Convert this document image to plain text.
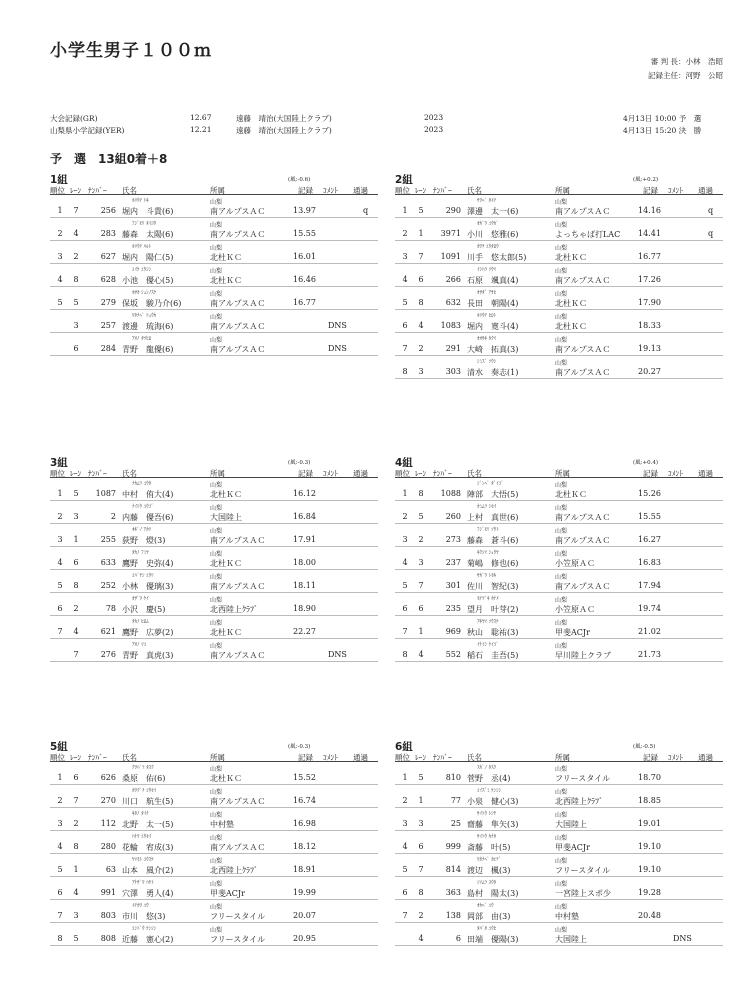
小学生男子１００ｍ
審 判 長：小林　浩昭
記録主任：河野　公昭
大会記録(GR)	12.67	遠藤　靖治(大国陸上クラブ)	2023	4月13日 10:00 予　選
山梨県小学記録(YER)	12.21	遠藤　靖治(大国陸上クラブ)	2023	4月13日 15:20 決　勝
予　選　13組0着＋8
1組	(風:-0.6)
順位 ﾚｰﾝ ﾅﾝﾊﾞｰ 氏名	所属	記録 ｺﾒﾝﾄ 通過
ﾎﾘｳﾁ ﾄｷ	山梨
1	7	256 堀内　斗貴(6)	南アルプスＡＣ	13.97	q
ﾌｼﾞﾓﾘ ﾀｲﾖｳ	山梨
2	4	283 藤森　太陽(6)	南アルプスＡＣ	15.55
ﾎﾘｳﾁ ﾊﾙﾄ	山梨
3	2	627 堀内　陽仁(5)	北杜ＫＣ	16.01
ｺｲｹ ﾕｳｼﾝ	山梨
4	8	628 小池　優心(5)	北杜ＫＣ	16.46
ﾎｻｶ ｼｭﾝﾉｽｹ	山梨
5	5	279 保坂　駿乃介(6)	南アルプスＡＣ	16.77
ﾜﾀﾅﾍﾞ ﾘｭｳｶ	山梨
3	257 渡邊　琉海(6)	南アルプスＡＣ	DNS
ｱｵﾉ ﾀﾂﾋﾛ	山梨
6	284 青野　龍優(6)	南アルプスＡＣ	DNS
2組	(風:+0.2)
順位 ﾚｰﾝ ﾅﾝﾊﾞｰ 氏名	所属	記録 ｺﾒﾝﾄ 通過
ｻﾜﾍﾞ ﾀｲﾁ	山梨
1	5	290 澤邊　太一(6)	南アルプスＡＣ	14.16	q
ｵｶﾞﾜ ﾕｳｶﾞ	山梨
2	1	3971 小川　悠雅(6)	よっちゃば打LAC 14.41	q
ｶﾜﾃ ﾕｳﾀﾛｳ	山梨
3	7	1091 川手　悠太郎(5)	北杜ＫＣ	16.77
ｲｼﾊﾗ ｿｳﾏ	山梨
4	6	266 石原　颯真(4)	南アルプスＡＣ	17.26
ｵｻﾀﾞ ｱｻﾋ	山梨
5	8	632 長田　朝陽(4)	北杜ＫＣ	17.90
ﾎﾘｳﾁ ﾋﾛﾄ	山梨
6	4	1083 堀内　寛斗(4)	北杜ＫＣ	18.33
ｵｵｻｷ ﾀｸﾏ	山梨
7	2	291 大崎　拓真(3)	南アルプスＡＣ	19.13
ｼﾐｽﾞ ｿｳｼ	山梨
8	3	303 清水　奏志(1)	南アルプスＡＣ	20.27
3組	(風:-0.3)
順位 ﾚｰﾝ ﾅﾝﾊﾞｰ 氏名	所属	記録 ｺﾒﾝﾄ 通過
ﾅｶﾑﾗ ﾕｳﾀ	山梨
1	5	1087 中村　侑大(4)	北杜ＫＣ	16.12
ﾅｲﾄｳ ﾕｳｺﾞ	山梨
2	3	2 内藤　優吾(6)	大国陸上	16.84
ｵｷﾞﾉ ｱｶﾘ	山梨
3	1	255 荻野　燈(3)	南アルプスＡＣ	17.91
ﾀｶﾉ ﾌﾐﾔ	山梨
4	6	633 鷹野　史弥(4)	北杜ＫＣ	18.00
ｺﾊﾞﾔｼ ﾕｳﾘ	山梨
5	8	252 小林　優璃(3)	南アルプスＡＣ	18.11
ｵｻﾞﾜ ｹｲ	山梨
6	2	78 小沢　慶(5)	北西陸上ｸﾗﾌﾞ	18.90
ﾀｶﾉ ﾋﾛﾑ	山梨
7	4	621 鷹野　広夢(2)	北杜ＫＣ	22.27
ｱｵﾉ ﾏｺ	山梨
7	276 青野　真虎(3)	南アルプスＡＣ	DNS
4組	(風:+0.4)
順位 ﾚｰﾝ ﾅﾝﾊﾞｰ 氏名	所属	記録 ｺﾒﾝﾄ 通過
ｼﾞﾝﾍﾞ ﾀﾞｲｺﾞ	山梨
1	8	1088 陣部　大悟(5)	北杜ＫＣ	15.26
ｶﾐﾑﾗ ｼｾｲ	山梨
2	5	260 上村　真世(6)	南アルプスＡＣ	15.55
ﾌｼﾞﾓﾘ ｿｳﾄ	山梨
3	2	273 藤森　蒼斗(6)	南アルプスＡＣ	16.27
ｷｸｼﾏ ｼｭｳﾔ	山梨
4	3	237 菊嶋　修也(6)	小笠原ＡＣ	16.83
ｻｶﾞﾜ ﾄﾓｷ	山梨
5	7	301 佐川　智紀(3)	南アルプスＡＣ	17.94
ﾓﾁﾂﾞｷ ｶﾅﾒ	山梨
6	6	235 望月　叶芽(2)	小笠原ＡＣ	19.74
ｱｷﾔﾏ ｿｳｽｹ	山梨
7	1	969 秋山　聡祐(3)	甲斐ACJr	21.02
ｲﾅｲｼ ｹｲｺﾞ	山梨
8	4	552 稲石　圭吾(5)	早川陸上クラブ	21.73
5組	(風:-0.3)
順位 ﾚｰﾝ ﾅﾝﾊﾞｰ 氏名	所属	記録 ｺﾒﾝﾄ 通過
ｸﾜﾊﾞﾗ ﾀｽｸ	山梨
1	6	626 桑原　佑(6)	北杜ＫＣ	15.52
ｶﾜｸﾞﾁ ｺｳｾｲ	山梨
2	7	270 川口　航生(5)	南アルプスＡＣ	16.74
ｷﾀﾉ ﾀｲﾁ	山梨
3	2	112 北野　太一(5)	中村塾	16.98
ﾊﾅﾜ ﾕｳｾｲ	山梨
4	8	280 花輪　宥成(3)	南アルプスＡＣ	18.12
ﾔﾏﾓﾄ ｺｳｽｹ	山梨
5	1	63 山本　風介(2)	北西陸上ｸﾗﾌﾞ	18.91
ｱﾅｻﾞﾜ ﾊﾔﾄ	山梨
6	4	991 穴澤　勇人(4)	甲斐ACJr	19.99
ｲﾁｶﾜ ﾕｳ	山梨
7	3	803 市川　悠(3)	フリースタイル	20.07
ｺﾝﾄﾞｳ ｹﾝｼﾝ	山梨
8	5	808 近藤　憲心(2)	フリースタイル	20.95
6組	(風:-0.5)
順位 ﾚｰﾝ ﾅﾝﾊﾞｰ 氏名	所属	記録 ｺﾒﾝﾄ 通過
ｽｶﾞﾉ ﾀｽｸ	山梨
1	5	810 菅野　丞(4)	フリースタイル	18.70
ｺｲｽﾞﾐ ｹﾝｼﾝ	山梨
2	1	77 小泉　健心(3)	北西陸上ｸﾗﾌﾞ	18.85
ｻｲﾄｳ ﾄｼﾔ	山梨
3	3	25 齋藤　隼矢(3)	大国陸上	19.01
ｻｲﾄｳ ｶﾅﾀ	山梨
4	6	999 斎藤　叶(5)	甲斐ACJr	19.10
ﾜﾀﾅﾍﾞ ｶｴﾃﾞ	山梨
5	7	814 渡辺　楓(3)	フリースタイル	19.10
ｼﾏﾑﾗ ﾖｳﾀ	山梨
6	8	363 島村　陽太(3)	一宮陸上スポ少	19.28
ｵｶﾍﾞ ﾕｳ	山梨
7	2	138 岡部　由(3)	中村塾	20.48
ﾀﾊﾞﾀ ﾕｳﾋ	山梨
4	6 田端　優陽(3)	大国陸上	DNS
